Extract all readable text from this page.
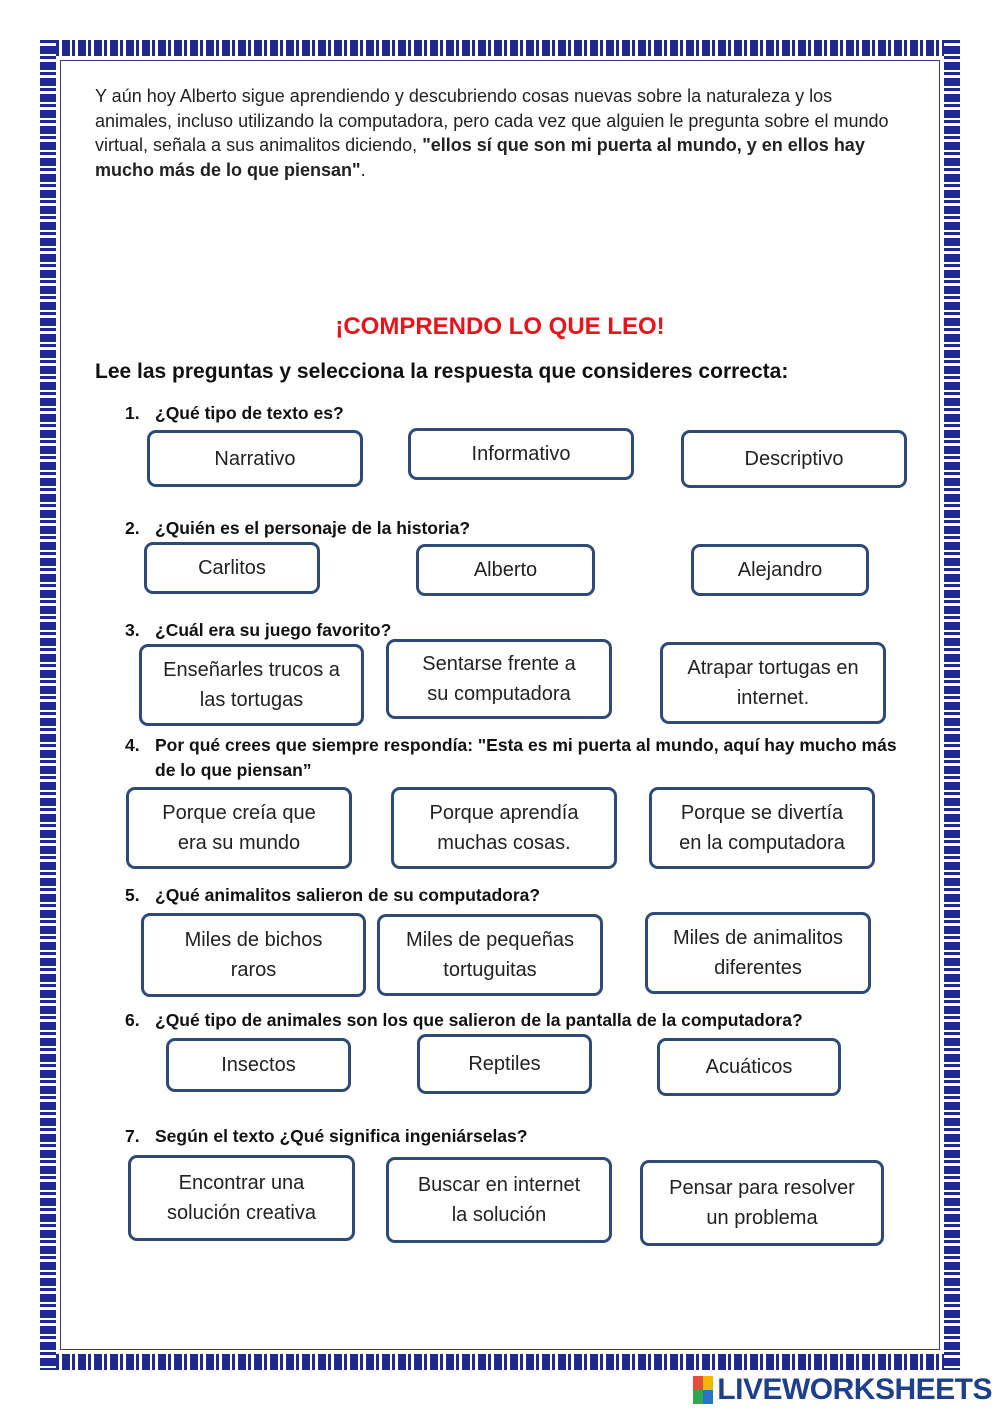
Y aún hoy Alberto sigue aprendiendo y descubriendo cosas nuevas sobre la naturaleza y los animales, incluso utilizando la computadora, pero cada vez que alguien le pregunta sobre el mundo virtual, señala a sus animalitos diciendo, "ellos sí que son mi puerta al mundo, y en ellos hay mucho más de lo que piensan".
¡COMPRENDO LO QUE LEO!
Lee las preguntas y selecciona la respuesta que consideres correcta:
1. ¿Qué tipo de texto es?
Narrativo	Informativo	Descriptivo
2. ¿Quién es el personaje de la historia?
Carlitos	Alberto	Alejandro
3. ¿Cuál era su juego favorito?
Enseñarles trucos a las tortugas
Sentarse frente a su computadora
Atrapar tortugas en internet.
4. Por qué crees que siempre respondía: "Esta es mi puerta al mundo, aquí hay mucho más de lo que piensan”
Porque creía que era su mundo
Porque aprendía muchas cosas.
Porque se divertía en la computadora
5. ¿Qué animalitos salieron de su computadora?
Miles de bichos raros
Miles de pequeñas tortuguitas
Miles de animalitos diferentes
6. ¿Qué tipo de animales son los que salieron de la pantalla de la computadora?
Insectos	Reptiles	Acuáticos
7. Según el texto ¿Qué significa ingeniárselas?
Encontrar una solución creativa
Buscar en internet la solución
Pensar para resolver un problema
LIVEWORKSHEETS
